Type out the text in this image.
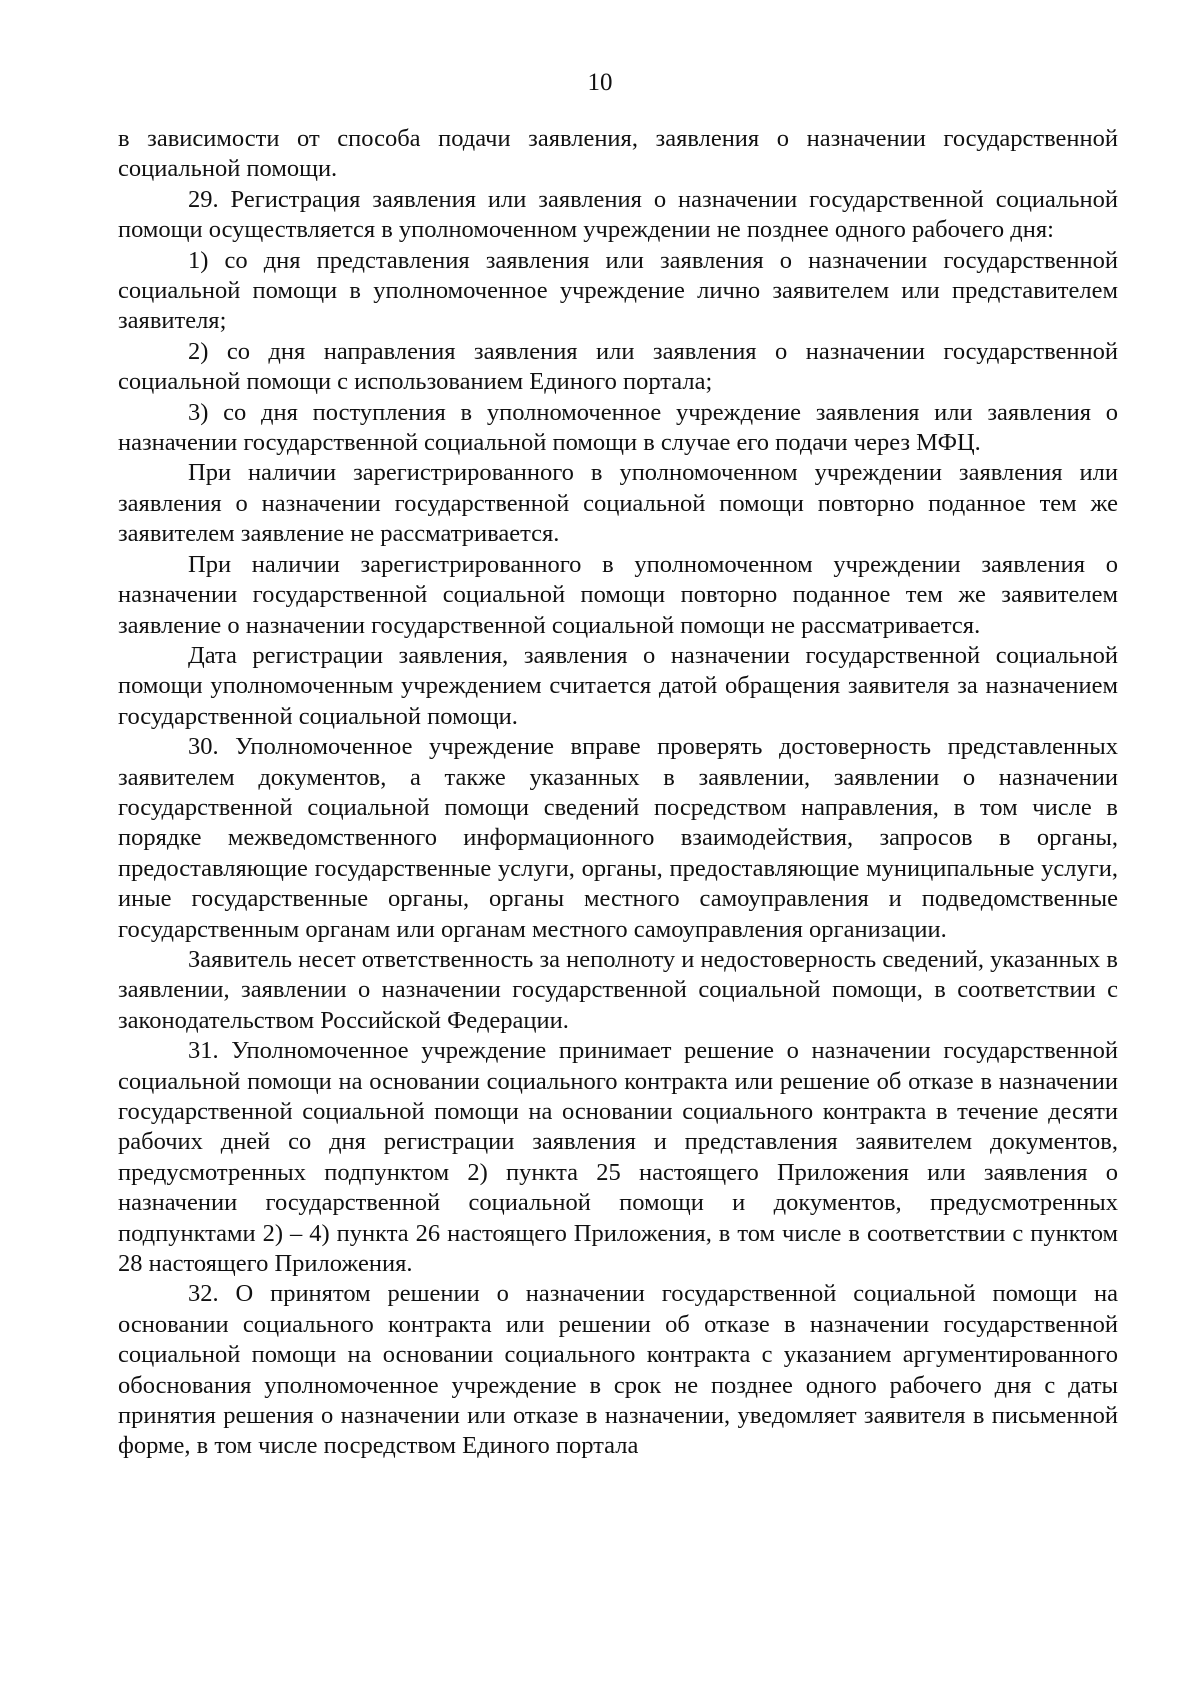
10

в зависимости от способа подачи заявления, заявления о назначении государственной социальной помощи.

29. Регистрация заявления или заявления о назначении государственной социальной помощи осуществляется в уполномоченном учреждении не позднее одного рабочего дня:

1) со дня представления заявления или заявления о назначении государственной социальной помощи в уполномоченное учреждение лично заявителем или представителем заявителя;

2) со дня направления заявления или заявления о назначении государственной социальной помощи с использованием Единого портала;

3) со дня поступления в уполномоченное учреждение заявления или заявления о назначении государственной социальной помощи в случае его подачи через МФЦ.

При наличии зарегистрированного в уполномоченном учреждении заявления или заявления о назначении государственной социальной помощи повторно поданное тем же заявителем заявление не рассматривается.

При наличии зарегистрированного в уполномоченном учреждении заявления о назначении государственной социальной помощи повторно поданное тем же заявителем заявление о назначении государственной социальной помощи не рассматривается.

Дата регистрации заявления, заявления о назначении государственной социальной помощи уполномоченным учреждением считается датой обращения заявителя за назначением государственной социальной помощи.

30. Уполномоченное учреждение вправе проверять достоверность представленных заявителем документов, а также указанных в заявлении, заявлении о назначении государственной социальной помощи сведений посредством направления, в том числе в порядке межведомственного информационного взаимодействия, запросов в органы, предоставляющие государственные услуги, органы, предоставляющие муниципальные услуги, иные государственные органы, органы местного самоуправления и подведомственные государственным органам или органам местного самоуправления организации.

Заявитель несет ответственность за неполноту и недостоверность сведений, указанных в заявлении, заявлении о назначении государственной социальной помощи, в соответствии с законодательством Российской Федерации.

31. Уполномоченное учреждение принимает решение о назначении государственной социальной помощи на основании социального контракта или решение об отказе в назначении государственной социальной помощи на основании социального контракта в течение десяти рабочих дней со дня регистрации заявления и представления заявителем документов, предусмотренных подпунктом 2) пункта 25 настоящего Приложения или заявления о назначении государственной социальной помощи и документов, предусмотренных подпунктами 2) – 4) пункта 26 настоящего Приложения, в том числе в соответствии с пунктом 28 настоящего Приложения.

32. О принятом решении о назначении государственной социальной помощи на основании социального контракта или решении об отказе в назначении государственной социальной помощи на основании социального контракта с указанием аргументированного обоснования уполномоченное учреждение в срок не позднее одного рабочего дня с даты принятия решения о назначении или отказе в назначении, уведомляет заявителя в письменной форме, в том числе посредством Единого портала
